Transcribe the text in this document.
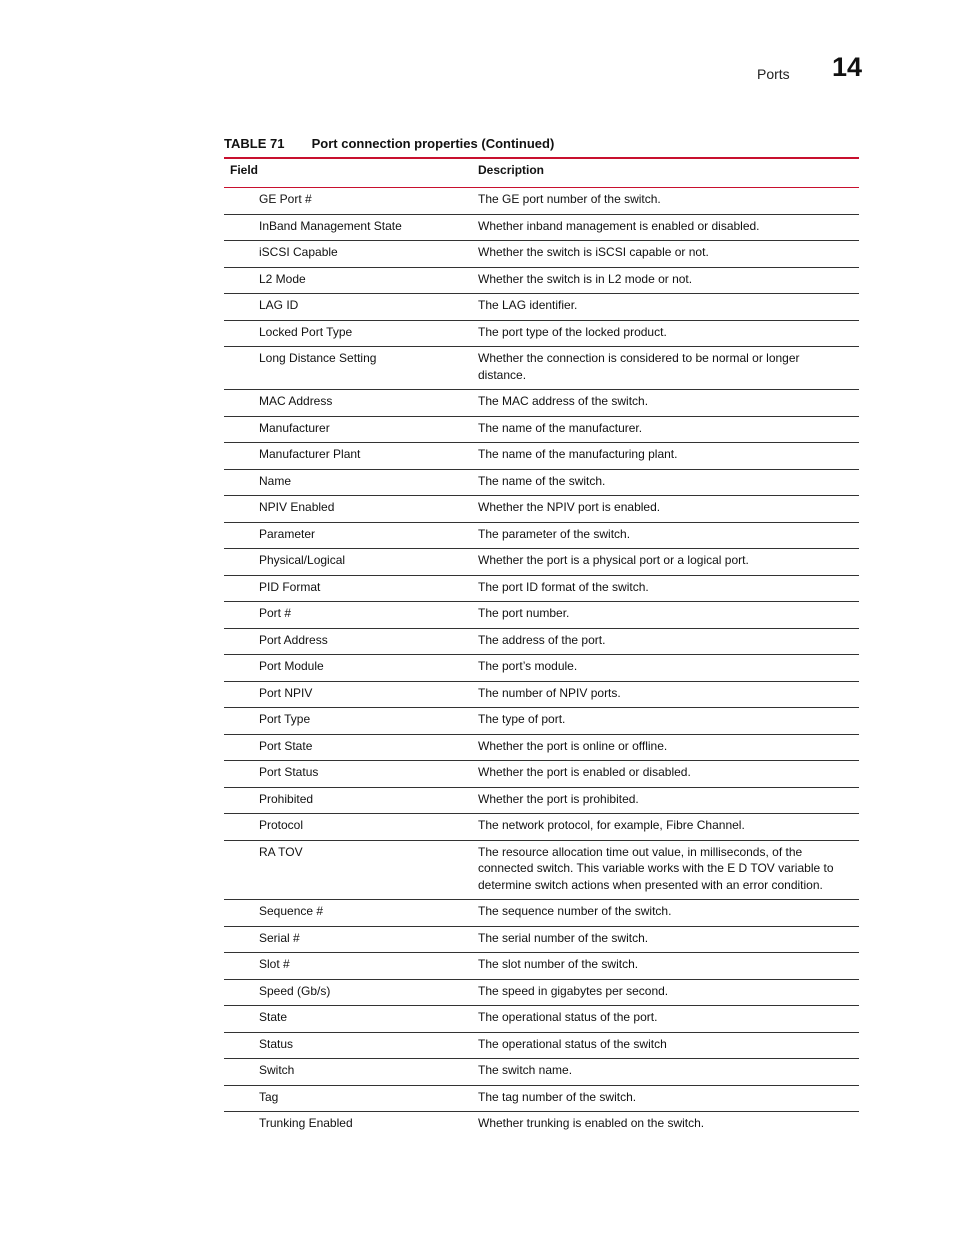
Ports 14
TABLE 71 Port connection properties (Continued)
Field	Description
GE Port #	The GE port number of the switch.
InBand Management State	Whether inband management is enabled or disabled.
iSCSI Capable	Whether the switch is iSCSI capable or not.
L2 Mode	Whether the switch is in L2 mode or not.
LAG ID	The LAG identifier.
Locked Port Type	The port type of the locked product.
Long Distance Setting	Whether the connection is considered to be normal or longer distance.
MAC Address	The MAC address of the switch.
Manufacturer	The name of the manufacturer.
Manufacturer Plant	The name of the manufacturing plant.
Name	The name of the switch.
NPIV Enabled	Whether the NPIV port is enabled.
Parameter	The parameter of the switch.
Physical/Logical	Whether the port is a physical port or a logical port.
PID Format	The port ID format of the switch.
Port #	The port number.
Port Address	The address of the port.
Port Module	The port’s module.
Port NPIV	The number of NPIV ports.
Port Type	The type of port.
Port State	Whether the port is online or offline.
Port Status	Whether the port is enabled or disabled.
Prohibited	Whether the port is prohibited.
Protocol	The network protocol, for example, Fibre Channel.
RA TOV	The resource allocation time out value, in milliseconds, of the connected switch. This variable works with the E D TOV variable to determine switch actions when presented with an error condition.
Sequence #	The sequence number of the switch.
Serial #	The serial number of the switch.
Slot #	The slot number of the switch.
Speed (Gb/s)	The speed in gigabytes per second.
State	The operational status of the port.
Status	The operational status of the switch
Switch	The switch name.
Tag	The tag number of the switch.
Trunking Enabled	Whether trunking is enabled on the switch.
